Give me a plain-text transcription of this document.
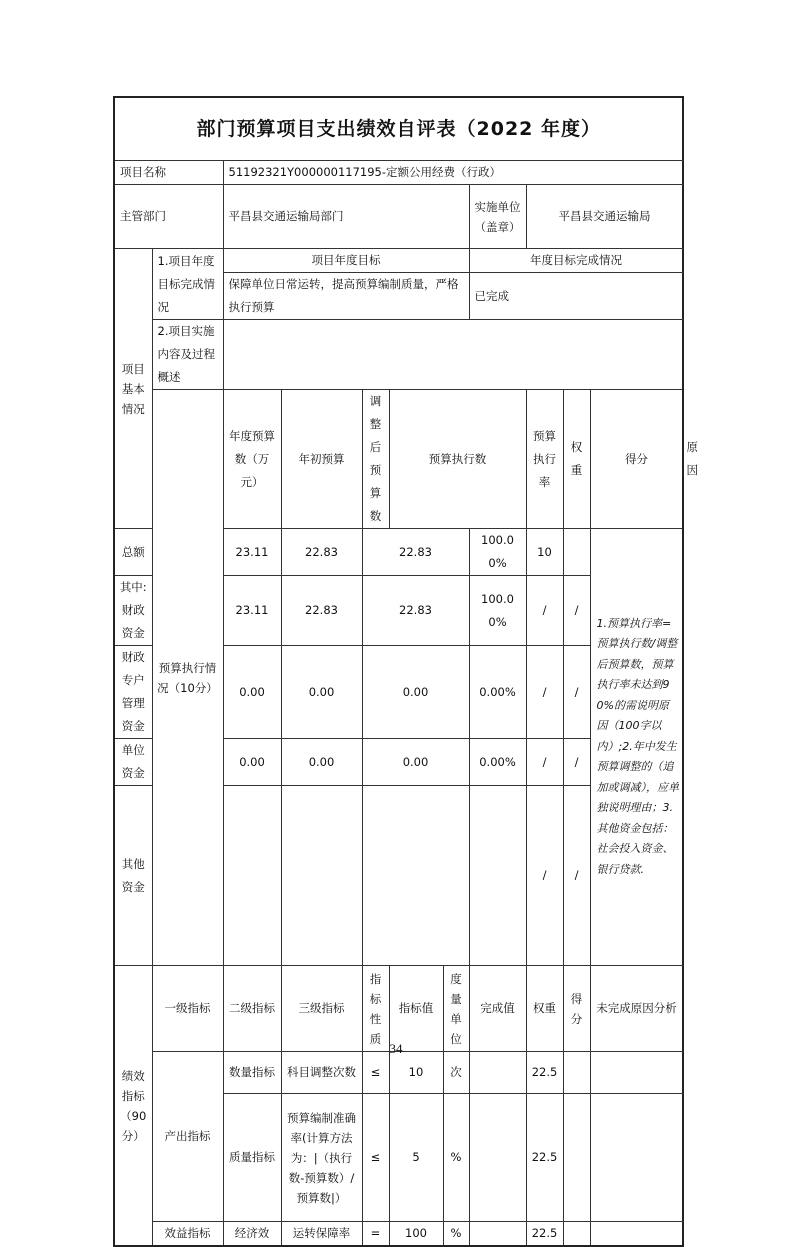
部门预算项目支出绩效自评表（2022 年度）											
项目名称		51192321Y000000117195-定额公用经费（行政）									
主管部门		平昌县交通运输局部门					实施单位（盖章）	平昌县交通运输局			
项目基本情况	1.项目年度目标完成情况	项目年度目标					年度目标完成情况				
		保障单位日常运转，提高预算编制质量，严格执行预算					已完成				
	2.项目实施内容及过程概述										
	预算执行情况（10分）	年度预算数（万元）	年初预算	调整后预算数	预算执行数			预算执行率	权重	得分	原因
总额		23.11	22.83	22.83			100.00%	10		1.预算执行率=预算执行数/调整后预算数，预算执行率未达到90%的需说明原因（100字以内）;2.年中发生预算调整的（追加或调减），应单独说明理由；3.其他资金包括：社会投入资金、银行贷款.	
其中:财政资金		23.11	22.83	22.83			100.00%	/	/		
财政专户管理资金		0.00	0.00	0.00			0.00%	/	/		
单位资金		0.00	0.00	0.00			0.00%	/	/		
其他资金								/	/		
绩效指标（90分）	一级指标	二级指标	三级指标	指标性质	指标值	度量单位	完成值	权重	得分	未完成原因分析	
	产出指标	数量指标	科目调整次数	≤	10	次		22.5			
		质量指标	预算编制准确率(计算方法为：|（执行数-预算数）/预算数|）	≤	5	%		22.5			
	效益指标	经济效	运转保障率	=	100	%		22.5			
34
